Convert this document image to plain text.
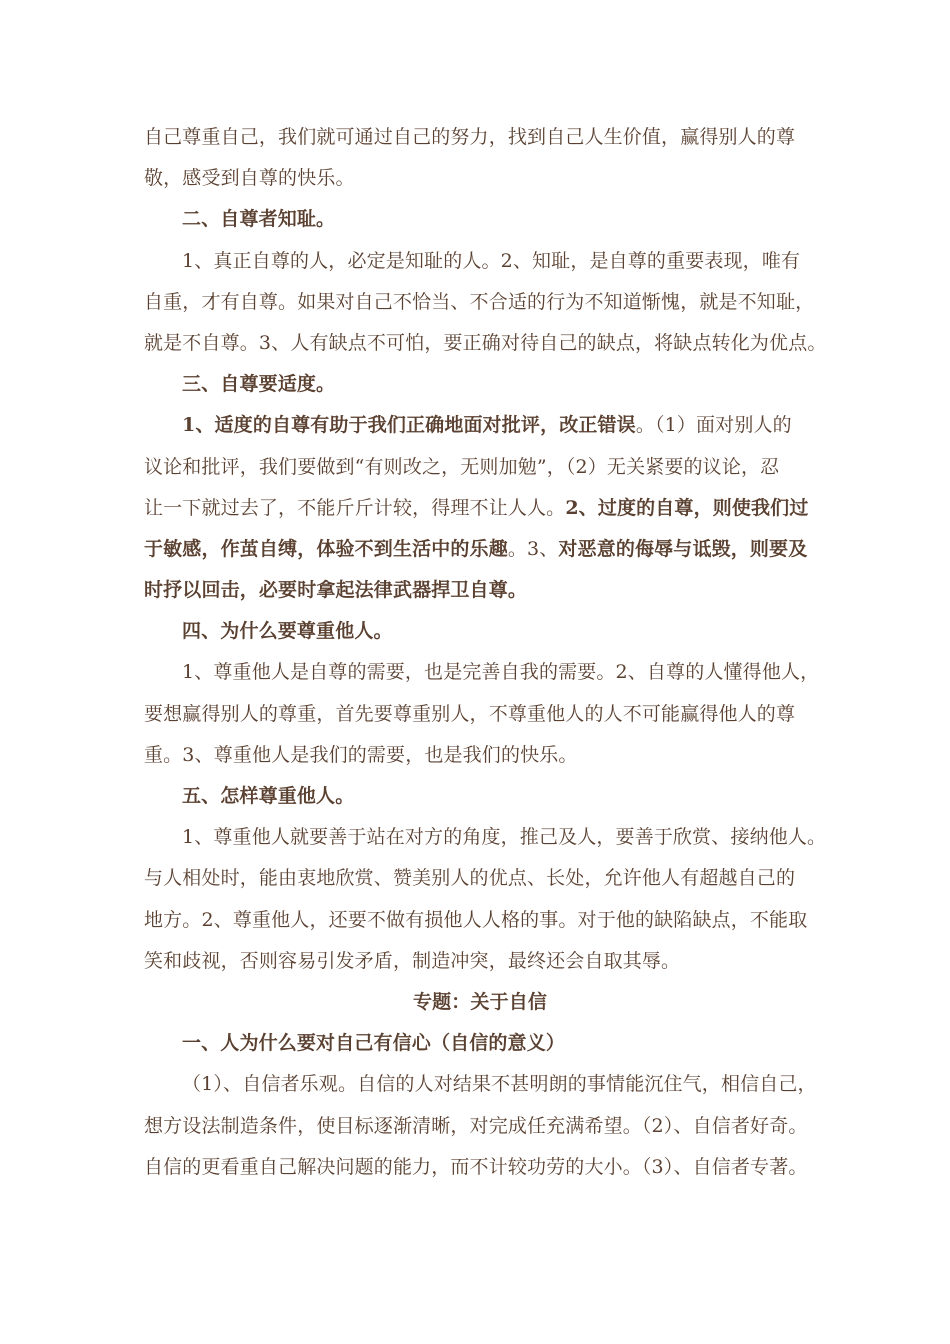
自己尊重自己，我们就可通过自己的努力，找到自己人生价值，赢得别人的尊
敬，感受到自尊的快乐。
二、自尊者知耻。
1、真正自尊的人，必定是知耻的人。2、知耻，是自尊的重要表现，唯有
自重，才有自尊。如果对自己不恰当、不合适的行为不知道惭愧，就是不知耻，
就是不自尊。3、人有缺点不可怕，要正确对待自己的缺点，将缺点转化为优点。
三、自尊要适度。
1、适度的自尊有助于我们正确地面对批评，改正错误。（1）面对别人的
议论和批评，我们要做到“有则改之，无则加勉”，（2）无关紧要的议论，忍
让一下就过去了，不能斤斤计较，得理不让人人。2、过度的自尊，则使我们过
于敏感，作茧自缚，体验不到生活中的乐趣。3、对恶意的侮辱与诋毁，则要及
时抒以回击，必要时拿起法律武器捍卫自尊。
四、为什么要尊重他人。
1、尊重他人是自尊的需要，也是完善自我的需要。2、自尊的人懂得他人，
要想赢得别人的尊重，首先要尊重别人，不尊重他人的人不可能赢得他人的尊
重。3、尊重他人是我们的需要，也是我们的快乐。
五、怎样尊重他人。
1、尊重他人就要善于站在对方的角度，推己及人，要善于欣赏、接纳他人。
与人相处时，能由衷地欣赏、赞美别人的优点、长处，允许他人有超越自己的
地方。2、尊重他人，还要不做有损他人人格的事。对于他的缺陷缺点，不能取
笑和歧视，否则容易引发矛盾，制造冲突，最终还会自取其辱。
专题：关于自信
一、人为什么要对自己有信心（自信的意义）
（1）、自信者乐观。自信的人对结果不甚明朗的事情能沉住气，相信自己，
想方设法制造条件，使目标逐渐清晰，对完成任充满希望。（2）、自信者好奇。
自信的更看重自己解决问题的能力，而不计较功劳的大小。（3）、自信者专著。
